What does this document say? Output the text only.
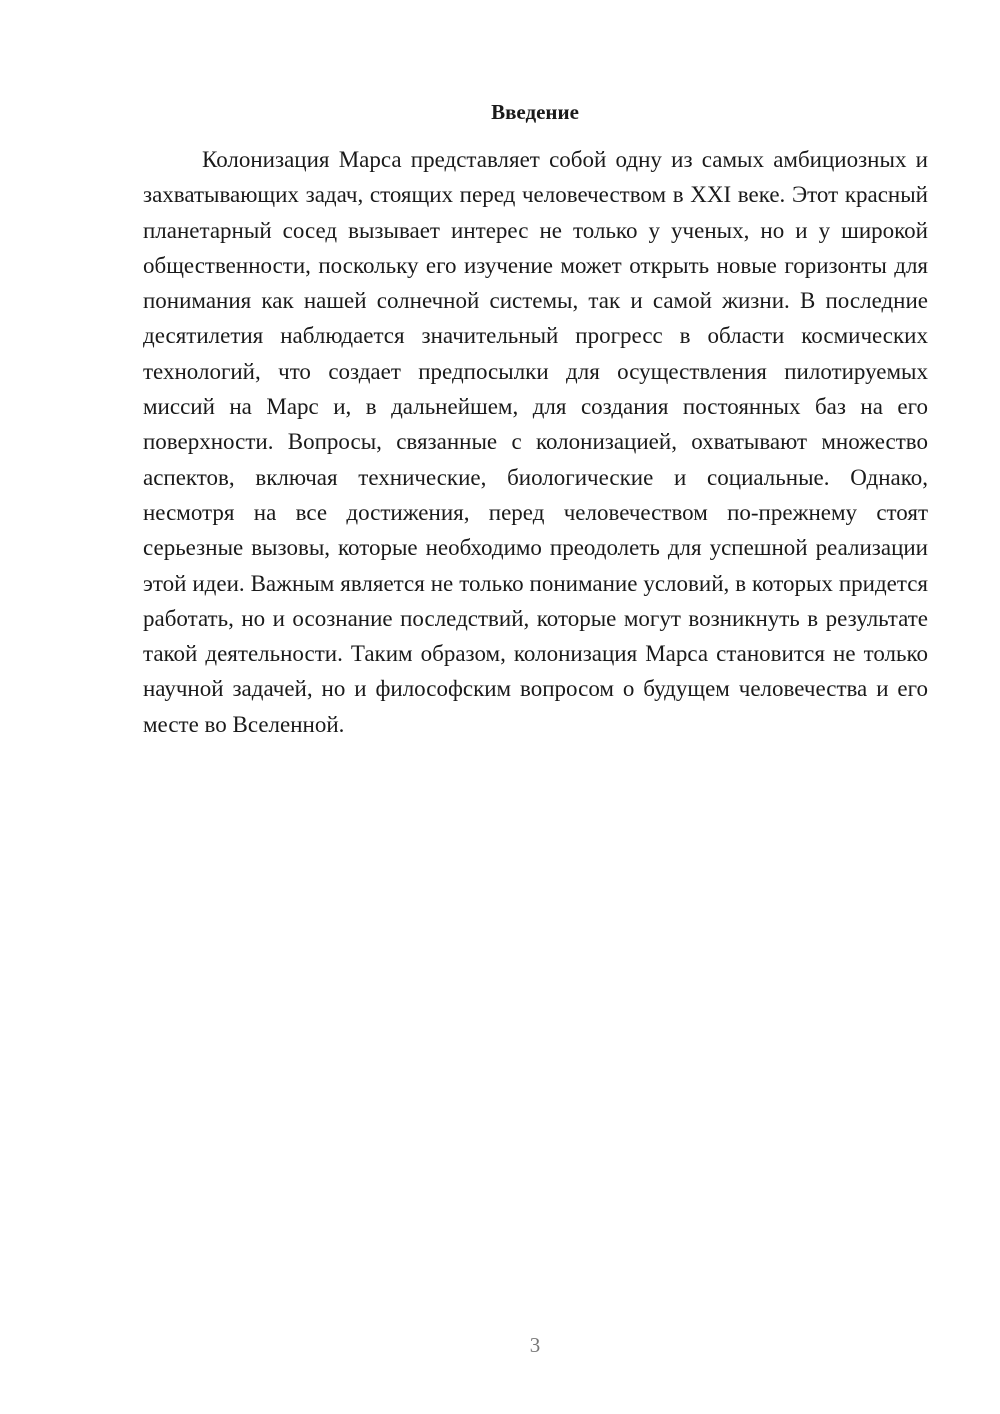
Введение

Колонизация Марса представляет собой одну из самых амбициозных и захватывающих задач, стоящих перед человечеством в XXI веке. Этот красный планетарный сосед вызывает интерес не только у ученых, но и у широкой общественности, поскольку его изучение может открыть новые горизонты для понимания как нашей солнечной системы, так и самой жизни. В последние десятилетия наблюдается значительный прогресс в области космических технологий, что создает предпосылки для осуществления пилотируемых миссий на Марс и, в дальнейшем, для создания постоянных баз на его поверхности. Вопросы, связанные с колонизацией, охватывают множество аспектов, включая технические, биологические и социальные. Однако, несмотря на все достижения, перед человечеством по-прежнему стоят серьезные вызовы, которые необходимо преодолеть для успешной реализации этой идеи. Важным является не только понимание условий, в которых придется работать, но и осознание последствий, которые могут возникнуть в результате такой деятельности. Таким образом, колонизация Марса становится не только научной задачей, но и философским вопросом о будущем человечества и его месте во Вселенной.

3
